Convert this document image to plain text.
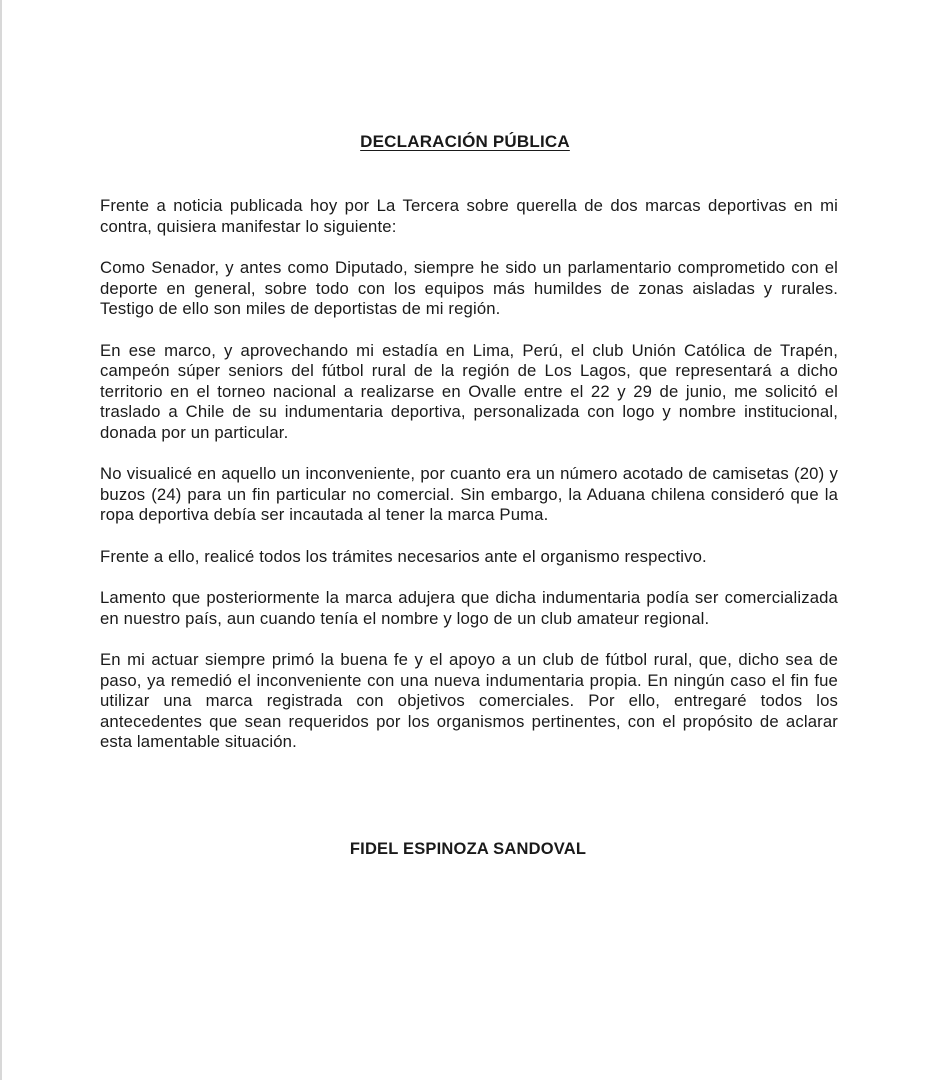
DECLARACIÓN PÚBLICA

Frente a noticia publicada hoy por La Tercera sobre querella de dos marcas deportivas en mi contra, quisiera manifestar lo siguiente:

Como Senador, y antes como Diputado, siempre he sido un parlamentario comprometido con el deporte en general, sobre todo con los equipos más humildes de zonas aisladas y rurales. Testigo de ello son miles de deportistas de mi región.

En ese marco, y aprovechando mi estadía en Lima, Perú, el club Unión Católica de Trapén, campeón súper seniors del fútbol rural de la región de Los Lagos, que representará a dicho territorio en el torneo nacional a realizarse en Ovalle entre el 22 y 29 de junio, me solicitó el traslado a Chile de su indumentaria deportiva, personalizada con logo y nombre institucional, donada por un particular.

No visualicé en aquello un inconveniente, por cuanto era un número acotado de camisetas (20) y buzos (24) para un fin particular no comercial. Sin embargo, la Aduana chilena consideró que la ropa deportiva debía ser incautada al tener la marca Puma.

Frente a ello, realicé todos los trámites necesarios ante el organismo respectivo.

Lamento que posteriormente la marca adujera que dicha indumentaria podía ser comercializada en nuestro país, aun cuando tenía el nombre y logo de un club amateur regional.

En mi actuar siempre primó la buena fe y el apoyo a un club de fútbol rural, que, dicho sea de paso, ya remedió el inconveniente con una nueva indumentaria propia. En ningún caso el fin fue utilizar una marca registrada con objetivos comerciales. Por ello, entregaré todos los antecedentes que sean requeridos por los organismos pertinentes, con el propósito de aclarar esta lamentable situación.

FIDEL ESPINOZA SANDOVAL
